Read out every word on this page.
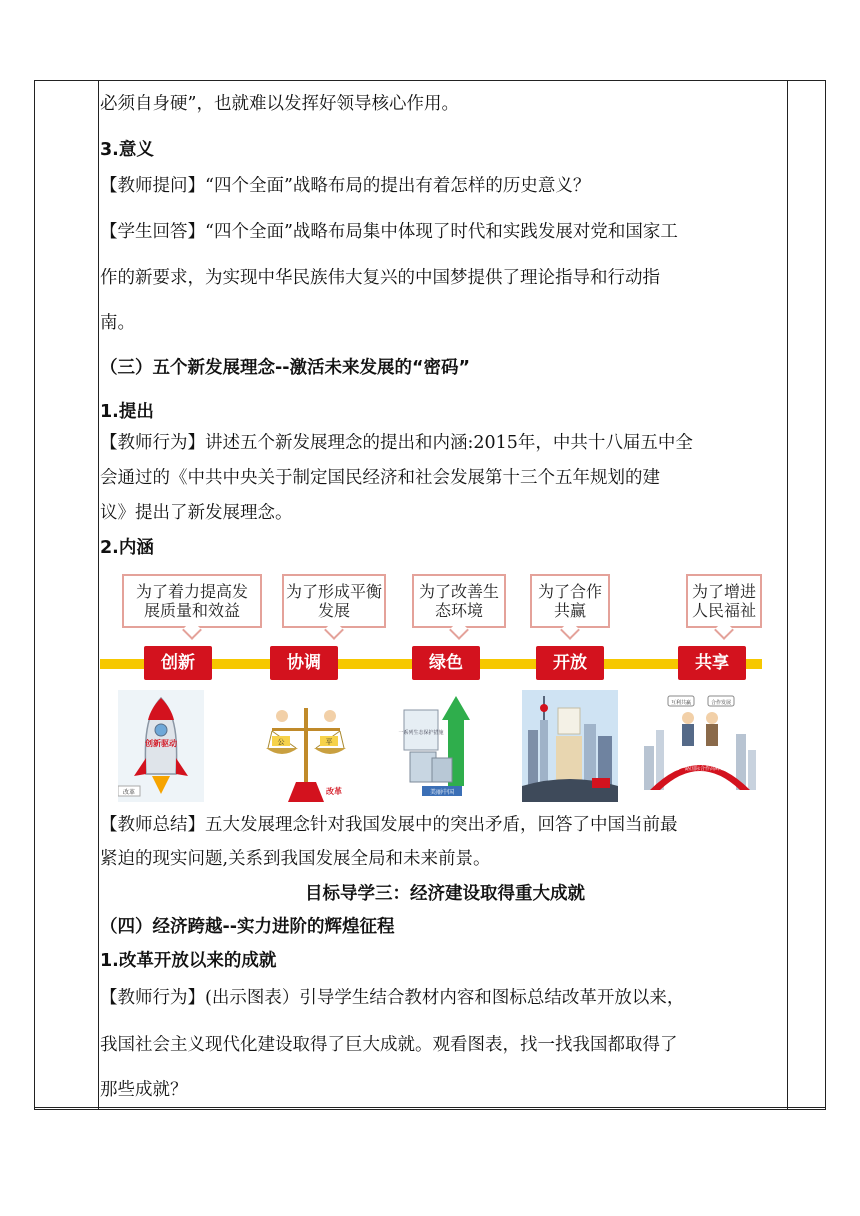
必须自身硬”，也就难以发挥好领导核心作用。
3.意义
【教师提问】“四个全面”战略布局的提出有着怎样的历史意义？
【学生回答】“四个全面”战略布局集中体现了时代和实践发展对党和国家工
作的新要求，为实现中华民族伟大复兴的中国梦提供了理论指导和行动指
南。
（三）五个新发展理念--激活未来发展的“密码”
1.提出
【教师行为】讲述五个新发展理念的提出和内涵:2015年，中共十八届五中全
会通过的《中共中央关于制定国民经济和社会发展第十三个五年规划的建
议》提出了新发展理念。
2.内涵
为了着力提高发
展质量和效益
为了形成平衡
发展
为了改善生
态环境
为了合作
共赢
为了增进
人民福祉
创新	协调	绿色	开放	共享
创新驱动
改革
公	平
改革
一系列生态保护措施
美丽中国
一带一路国际合作高峰论坛
互利共赢	合作发展
【教师总结】五大发展理念针对我国发展中的突出矛盾，回答了中国当前最
紧迫的现实问题,关系到我国发展全局和未来前景。
目标导学三：经济建设取得重大成就
（四）经济跨越--实力进阶的辉煌征程
1.改革开放以来的成就
【教师行为】(出示图表）引导学生结合教材内容和图标总结改革开放以来，
我国社会主义现代化建设取得了巨大成就。观看图表，找一找我国都取得了
那些成就？
